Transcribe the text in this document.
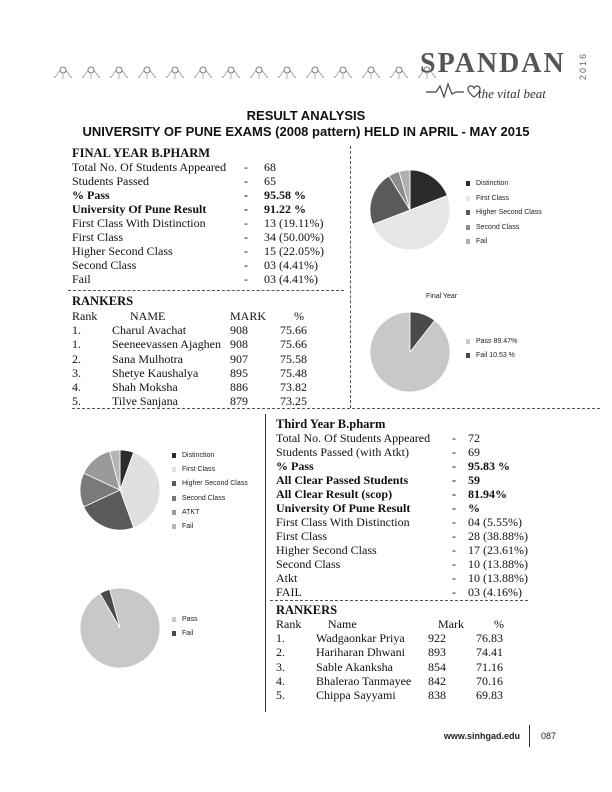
SPANDAN 2016
the vital beat
RESULT ANALYSIS
UNIVERSITY OF PUNE EXAMS (2008 pattern) HELD IN APRIL - MAY 2015
FINAL YEAR B.PHARM
Total No. Of Students Appeared - 68
Students Passed	- 65
% Pass	- 95.58 %
University Of Pune Result	- 91.22 %
First Class With Distinction	- 13 (19.11%)
First Class	- 34 (50.00%)
Higher Second Class	- 15 (22.05%)
Second Class	- 03 (4.41%)
Fail	- 03 (4.41%)
RANKERS
Rank	NAME	MARK %
1.	Charul Avachat	908	75.66
1.	Seeneevassen Ajaghen 908	75.66
2.	Sana Mulhotra	907	75.58
3.	Shetye Kaushalya	895	75.48
4.	Shah Moksha	886	73.82
5.	Tilve Sanjana	879	73.25
Distinction
First Class
Higher Second Class
Second Class
Fail
Final Year
Pass 89.47%
Fail 10.53 %
Third Year B.pharm
Total No. Of Students Appeared - 72
Students Passed (with Atkt)	- 69
% Pass	- 95.83 %
All Clear Passed Students	- 59
All Clear Result (scop)	- 81.94%
University Of Pune Result	- %
First Class With Distinction	- 04 (5.55%)
First Class	- 28 (38.88%)
Higher Second Class	- 17 (23.61%)
Second Class	- 10 (13.88%)
Atkt	- 10 (13.88%)
FAIL	- 03 (4.16%)
RANKERS
Rank Name	Mark	%
1.	Wadgaonkar Priya 922	76.83
2.	Hariharan Dhwani 893	74.41
3.	Sable Akanksha	854	71.16
4.	Bhalerao Tanmayee 842	70.16
5.	Chippa Sayyami	838	69.83
Distinction
First Class
Higher Second Class
Second Class
ATKT
Fail
Pass
Fail
www.sinhgad.edu 087
